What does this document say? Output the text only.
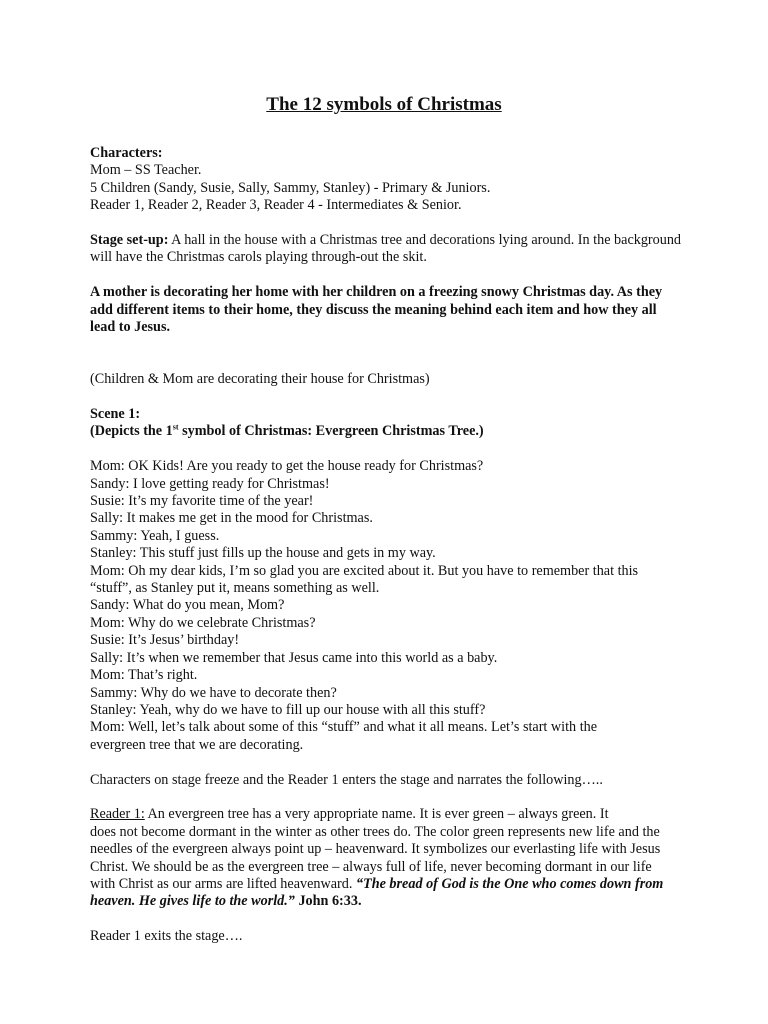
The 12 symbols of Christmas
Characters:
Mom – SS Teacher.
5 Children (Sandy, Susie, Sally, Sammy, Stanley) - Primary & Juniors.
Reader 1, Reader 2, Reader 3, Reader 4 - Intermediates & Senior.
Stage set-up: A hall in the house with a Christmas tree and decorations lying around. In the background
will have the Christmas carols playing through-out the skit.
A mother is decorating her home with her children on a freezing snowy Christmas day. As they
add different items to their home, they discuss the meaning behind each item and how they all
lead to Jesus.
(Children & Mom are decorating their house for Christmas)
Scene 1:
(Depicts the 1st symbol of Christmas: Evergreen Christmas Tree.)
Mom: OK Kids! Are you ready to get the house ready for Christmas?
Sandy: I love getting ready for Christmas!
Susie: It’s my favorite time of the year!
Sally: It makes me get in the mood for Christmas.
Sammy: Yeah, I guess.
Stanley: This stuff just fills up the house and gets in my way.
Mom: Oh my dear kids, I’m so glad you are excited about it. But you have to remember that this
“stuff”, as Stanley put it, means something as well.
Sandy: What do you mean, Mom?
Mom: Why do we celebrate Christmas?
Susie: It’s Jesus’ birthday!
Sally: It’s when we remember that Jesus came into this world as a baby.
Mom: That’s right.
Sammy: Why do we have to decorate then?
Stanley: Yeah, why do we have to fill up our house with all this stuff?
Mom: Well, let’s talk about some of this “stuff” and what it all means. Let’s start with the
evergreen tree that we are decorating.
Characters on stage freeze and the Reader 1 enters the stage and narrates the following…..
Reader 1: An evergreen tree has a very appropriate name. It is ever green – always green. It
does not become dormant in the winter as other trees do. The color green represents new life and the
needles of the evergreen always point up – heavenward. It symbolizes our everlasting life with Jesus
Christ. We should be as the evergreen tree – always full of life, never becoming dormant in our life
with Christ as our arms are lifted heavenward. “The bread of God is the One who comes down from
heaven. He gives life to the world.” John 6:33.
Reader 1 exits the stage….
